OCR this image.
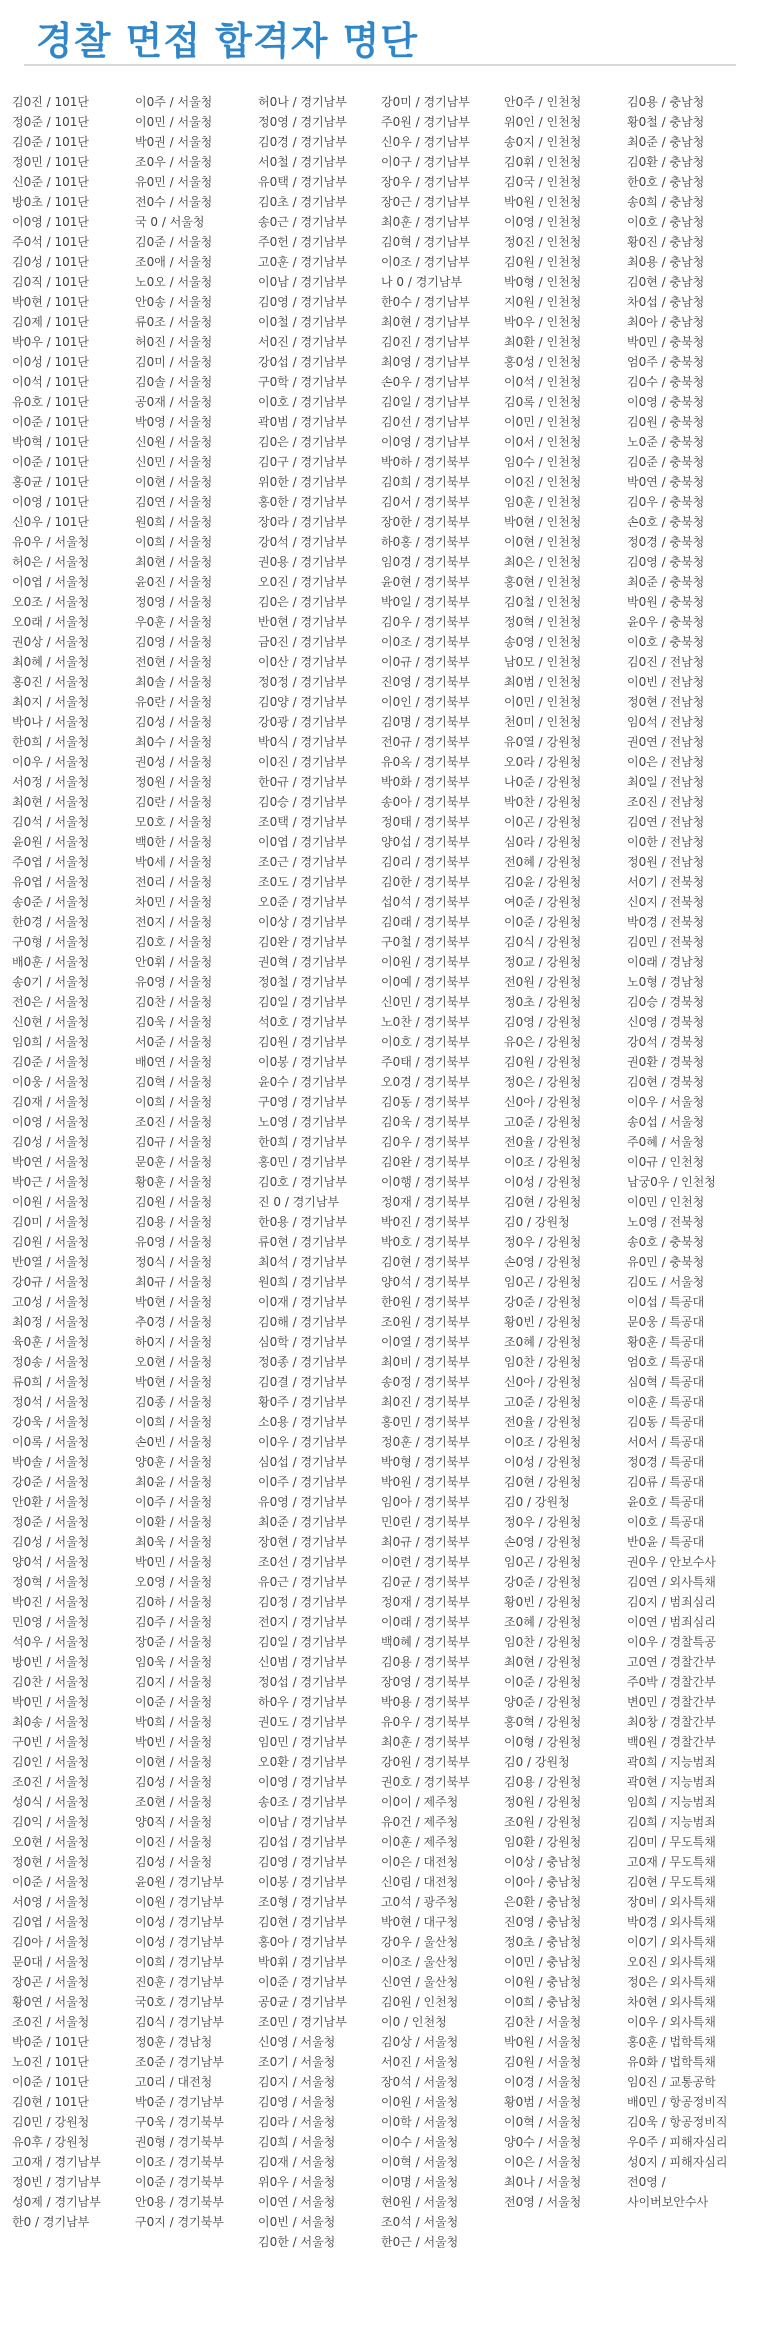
경찰 면접 합격자 명단
김0진 / 101단
정0준 / 101단
김0준 / 101단
정0민 / 101단
신0준 / 101단
방0초 / 101단
이0영 / 101단
주0석 / 101단
김0성 / 101단
김0직 / 101단
박0현 / 101단
김0제 / 101단
박0우 / 101단
이0성 / 101단
이0석 / 101단
유0호 / 101단
이0준 / 101단
박0혁 / 101단
이0준 / 101단
홍0균 / 101단
이0영 / 101단
신0우 / 101단
유0우 / 서울청
허0은 / 서울청
이0엽 / 서울청
오0조 / 서울청
오0래 / 서울청
권0상 / 서울청
최0혜 / 서울청
홍0진 / 서울청
최0지 / 서울청
박0나 / 서울청
한0희 / 서울청
이0우 / 서울청
서0정 / 서울청
최0현 / 서울청
김0석 / 서울청
윤0원 / 서울청
주0엽 / 서울청
유0엽 / 서울청
송0준 / 서울청
한0경 / 서울청
구0형 / 서울청
배0훈 / 서울청
송0기 / 서울청
전0은 / 서울청
신0현 / 서울청
임0희 / 서울청
김0준 / 서울청
이0웅 / 서울청
김0재 / 서울청
이0영 / 서울청
김0성 / 서울청
박0연 / 서울청
박0근 / 서울청
이0원 / 서울청
김0미 / 서울청
김0원 / 서울청
반0열 / 서울청
강0규 / 서울청
고0성 / 서울청
최0정 / 서울청
육0훈 / 서울청
정0송 / 서울청
류0희 / 서울청
정0석 / 서울청
강0욱 / 서울청
이0록 / 서울청
박0솔 / 서울청
강0준 / 서울청
안0환 / 서울청
정0준 / 서울청
김0성 / 서울청
양0석 / 서울청
정0혁 / 서울청
박0진 / 서울청
민0영 / 서울청
석0우 / 서울청
방0빈 / 서울청
김0찬 / 서울청
박0민 / 서울청
최0송 / 서울청
구0빈 / 서울청
김0인 / 서울청
조0진 / 서울청
성0식 / 서울청
김0익 / 서울청
오0현 / 서울청
정0현 / 서울청
이0준 / 서울청
서0영 / 서울청
김0엽 / 서울청
김0아 / 서울청
문0대 / 서울청
장0곤 / 서울청
황0연 / 서울청
조0진 / 서울청
박0준 / 101단
노0진 / 101단
이0준 / 101단
김0현 / 101단
김0민 / 강원청
유0후 / 강원청
고0재 / 경기남부
정0빈 / 경기남부
성0제 / 경기남부
한0 / 경기남부
이0주 / 서울청
이0민 / 서울청
박0권 / 서울청
조0우 / 서울청
유0민 / 서울청
전0수 / 서울청
국 0 / 서울청
김0준 / 서울청
조0애 / 서울청
노0오 / 서울청
안0송 / 서울청
류0조 / 서울청
허0진 / 서울청
김0미 / 서울청
김0솔 / 서울청
공0재 / 서울청
박0영 / 서울청
신0원 / 서울청
신0민 / 서울청
이0현 / 서울청
김0연 / 서울청
원0희 / 서울청
이0희 / 서울청
최0현 / 서울청
윤0진 / 서울청
정0영 / 서울청
우0훈 / 서울청
김0영 / 서울청
전0현 / 서울청
최0솔 / 서울청
유0란 / 서울청
김0성 / 서울청
최0수 / 서울청
권0성 / 서울청
정0원 / 서울청
김0란 / 서울청
모0호 / 서울청
백0한 / 서울청
박0세 / 서울청
전0리 / 서울청
차0민 / 서울청
전0지 / 서울청
김0호 / 서울청
안0휘 / 서울청
유0영 / 서울청
김0찬 / 서울청
김0욱 / 서울청
서0준 / 서울청
배0연 / 서울청
김0혁 / 서울청
이0희 / 서울청
조0진 / 서울청
김0규 / 서울청
문0훈 / 서울청
황0훈 / 서울청
김0원 / 서울청
김0용 / 서울청
유0영 / 서울청
정0식 / 서울청
최0규 / 서울청
박0현 / 서울청
추0경 / 서울청
하0지 / 서울청
오0현 / 서울청
박0현 / 서울청
김0종 / 서울청
이0희 / 서울청
손0빈 / 서울청
양0훈 / 서울청
최0윤 / 서울청
이0주 / 서울청
이0환 / 서울청
최0욱 / 서울청
박0민 / 서울청
오0영 / 서울청
김0하 / 서울청
김0주 / 서울청
장0준 / 서울청
임0욱 / 서울청
김0지 / 서울청
이0준 / 서울청
박0희 / 서울청
박0빈 / 서울청
이0현 / 서울청
김0성 / 서울청
조0현 / 서울청
양0직 / 서울청
이0진 / 서울청
김0성 / 서울청
윤0원 / 경기남부
이0원 / 경기남부
이0성 / 경기남부
이0성 / 경기남부
이0희 / 경기남부
진0훈 / 경기남부
국0호 / 경기남부
김0식 / 경기남부
정0훈 / 경남청
조0준 / 경기남부
고0리 / 대전청
박0준 / 경기남부
구0욱 / 경기북부
권0형 / 경기북부
이0조 / 경기북부
이0준 / 경기북부
안0용 / 경기북부
구0지 / 경기북부
허0나 / 경기남부
정0영 / 경기남부
김0경 / 경기남부
서0철 / 경기남부
유0택 / 경기남부
김0초 / 경기남부
송0근 / 경기남부
주0헌 / 경기남부
고0훈 / 경기남부
이0남 / 경기남부
김0영 / 경기남부
이0철 / 경기남부
서0진 / 경기남부
강0섭 / 경기남부
구0학 / 경기남부
이0호 / 경기남부
곽0범 / 경기남부
김0은 / 경기남부
김0구 / 경기남부
위0한 / 경기남부
홍0한 / 경기남부
장0라 / 경기남부
강0석 / 경기남부
권0용 / 경기남부
오0진 / 경기남부
김0은 / 경기남부
반0현 / 경기남부
금0진 / 경기남부
이0산 / 경기남부
정0정 / 경기남부
김0양 / 경기남부
강0광 / 경기남부
박0식 / 경기남부
이0진 / 경기남부
한0규 / 경기남부
김0승 / 경기남부
조0택 / 경기남부
이0엽 / 경기남부
조0근 / 경기남부
조0도 / 경기남부
오0준 / 경기남부
이0상 / 경기남부
김0완 / 경기남부
권0혁 / 경기남부
정0철 / 경기남부
김0일 / 경기남부
석0호 / 경기남부
김0원 / 경기남부
이0봉 / 경기남부
윤0수 / 경기남부
구0영 / 경기남부
노0영 / 경기남부
한0희 / 경기남부
홍0민 / 경기남부
김0호 / 경기남부
진 0 / 경기남부
한0용 / 경기남부
류0현 / 경기남부
최0석 / 경기남부
원0희 / 경기남부
이0재 / 경기남부
김0해 / 경기남부
심0학 / 경기남부
정0종 / 경기남부
김0결 / 경기남부
황0주 / 경기남부
소0용 / 경기남부
이0우 / 경기남부
심0섭 / 경기남부
이0주 / 경기남부
유0영 / 경기남부
최0준 / 경기남부
장0현 / 경기남부
조0선 / 경기남부
유0근 / 경기남부
김0정 / 경기남부
전0지 / 경기남부
김0일 / 경기남부
신0범 / 경기남부
정0섭 / 경기남부
하0우 / 경기남부
권0도 / 경기남부
임0민 / 경기남부
오0환 / 경기남부
이0영 / 경기남부
송0조 / 경기남부
이0남 / 경기남부
김0섭 / 경기남부
김0영 / 경기남부
이0봉 / 경기남부
조0형 / 경기남부
김0현 / 경기남부
홍0아 / 경기남부
박0휘 / 경기남부
이0준 / 경기남부
공0균 / 경기남부
조0민 / 경기남부
신0영 / 서울청
조0기 / 서울청
김0지 / 서울청
김0영 / 서울청
김0라 / 서울청
김0희 / 서울청
김0재 / 서울청
위0우 / 서울청
이0연 / 서울청
이0빈 / 서울청
김0한 / 서울청
강0미 / 경기남부
주0원 / 경기남부
신0우 / 경기남부
이0구 / 경기남부
장0우 / 경기남부
장0근 / 경기남부
최0훈 / 경기남부
김0혁 / 경기남부
이0조 / 경기남부
나 0 / 경기남부
한0수 / 경기남부
최0현 / 경기남부
김0진 / 경기남부
최0영 / 경기남부
손0우 / 경기남부
김0일 / 경기남부
김0선 / 경기남부
이0영 / 경기남부
박0하 / 경기북부
김0희 / 경기북부
김0서 / 경기북부
장0한 / 경기북부
하0홍 / 경기북부
임0경 / 경기북부
윤0현 / 경기북부
박0일 / 경기북부
김0우 / 경기북부
이0조 / 경기북부
이0규 / 경기북부
진0영 / 경기북부
이0인 / 경기북부
김0명 / 경기북부
전0규 / 경기북부
유0옥 / 경기북부
박0화 / 경기북부
송0아 / 경기북부
정0태 / 경기북부
양0섭 / 경기북부
김0리 / 경기북부
김0한 / 경기북부
섭0석 / 경기북부
김0래 / 경기북부
구0철 / 경기북부
이0원 / 경기북부
이0예 / 경기북부
신0민 / 경기북부
노0찬 / 경기북부
이0호 / 경기북부
주0태 / 경기북부
오0경 / 경기북부
김0동 / 경기북부
김0욱 / 경기북부
김0우 / 경기북부
김0완 / 경기북부
이0행 / 경기북부
정0재 / 경기북부
박0진 / 경기북부
박0호 / 경기북부
김0현 / 경기북부
양0석 / 경기북부
한0원 / 경기북부
조0원 / 경기북부
이0열 / 경기북부
최0비 / 경기북부
송0정 / 경기북부
최0진 / 경기북부
홍0민 / 경기북부
정0훈 / 경기북부
박0형 / 경기북부
박0원 / 경기북부
임0아 / 경기북부
민0린 / 경기북부
최0규 / 경기북부
이0련 / 경기북부
김0균 / 경기북부
정0재 / 경기북부
이0래 / 경기북부
백0혜 / 경기북부
김0용 / 경기북부
장0영 / 경기북부
박0용 / 경기북부
유0우 / 경기북부
최0훈 / 경기북부
강0원 / 경기북부
권0호 / 경기북부
이0이 / 제주청
유0건 / 제주청
이0훈 / 제주청
이0은 / 대전청
신0림 / 대전청
고0석 / 광주청
박0현 / 대구청
강0우 / 울산청
이0조 / 울산청
신0연 / 울산청
김0원 / 인천청
이0 / 인천청
김0상 / 서울청
서0진 / 서울청
장0석 / 서울청
이0원 / 서울청
이0학 / 서울청
이0수 / 서울청
이0혁 / 서울청
이0명 / 서울청
현0원 / 서울청
조0석 / 서울청
한0근 / 서울청
안0주 / 인천청
위0인 / 인천청
송0지 / 인천청
김0휘 / 인천청
김0국 / 인천청
박0원 / 인천청
이0영 / 인천청
정0진 / 인천청
김0원 / 인천청
박0형 / 인천청
지0원 / 인천청
박0우 / 인천청
최0환 / 인천청
홍0성 / 인천청
이0석 / 인천청
김0록 / 인천청
이0민 / 인천청
이0서 / 인천청
임0수 / 인천청
이0진 / 인천청
임0훈 / 인천청
박0현 / 인천청
이0현 / 인천청
최0은 / 인천청
홍0현 / 인천청
김0철 / 인천청
정0혁 / 인천청
송0영 / 인천청
남0모 / 인천청
최0범 / 인천청
이0민 / 인천청
천0미 / 인천청
유0열 / 강원청
오0라 / 강원청
나0준 / 강원청
박0찬 / 강원청
이0곤 / 강원청
심0라 / 강원청
전0혜 / 강원청
김0윤 / 강원청
여0준 / 강원청
이0준 / 강원청
김0식 / 강원청
정0교 / 강원청
전0원 / 강원청
정0초 / 강원청
김0영 / 강원청
유0은 / 강원청
김0원 / 강원청
정0은 / 강원청
신0아 / 강원청
고0준 / 강원청
전0율 / 강원청
이0조 / 강원청
이0성 / 강원청
김0현 / 강원청
김0 / 강원청
정0우 / 강원청
손0영 / 강원청
임0곤 / 강원청
강0준 / 강원청
황0빈 / 강원청
조0혜 / 강원청
임0찬 / 강원청
신0아 / 강원청
고0준 / 강원청
전0율 / 강원청
이0조 / 강원청
이0성 / 강원청
김0현 / 강원청
김0 / 강원청
정0우 / 강원청
손0영 / 강원청
임0곤 / 강원청
강0준 / 강원청
황0빈 / 강원청
조0혜 / 강원청
임0찬 / 강원청
최0현 / 강원청
이0준 / 강원청
양0준 / 강원청
홍0혁 / 강원청
이0형 / 강원청
김0 / 강원청
김0용 / 강원청
정0원 / 강원청
조0원 / 강원청
임0환 / 강원청
이0상 / 충남청
이0아 / 충남청
은0환 / 충남청
진0영 / 충남청
정0초 / 충남청
이0민 / 충남청
이0원 / 충남청
이0희 / 충남청
김0찬 / 서울청
박0원 / 서울청
김0원 / 서울청
이0경 / 서울청
황0범 / 서울청
이0혁 / 서울청
양0수 / 서울청
이0은 / 서울청
최0나 / 서울청
전0영 / 서울청
김0용 / 충남청
황0철 / 충남청
최0준 / 충남청
김0환 / 충남청
한0호 / 충남청
송0희 / 충남청
이0호 / 충남청
황0진 / 충남청
최0용 / 충남청
김0현 / 충남청
차0섭 / 충남청
최0아 / 충남청
박0민 / 충북청
엄0주 / 충북청
김0수 / 충북청
이0영 / 충북청
김0원 / 충북청
노0준 / 충북청
김0준 / 충북청
박0연 / 충북청
김0우 / 충북청
손0호 / 충북청
정0경 / 충북청
김0영 / 충북청
최0준 / 충북청
박0원 / 충북청
윤0우 / 충북청
이0호 / 충북청
김0진 / 전남청
이0빈 / 전남청
정0현 / 전남청
임0석 / 전남청
권0연 / 전남청
이0은 / 전남청
최0일 / 전남청
조0진 / 전남청
김0연 / 전남청
이0한 / 전남청
정0원 / 전남청
서0기 / 전북청
신0지 / 전북청
박0경 / 전북청
김0민 / 전북청
이0래 / 경남청
노0형 / 경남청
김0승 / 경북청
신0영 / 경북청
강0석 / 경북청
권0환 / 경북청
김0현 / 경북청
이0우 / 서울청
송0섭 / 서울청
주0혜 / 서울청
이0규 / 인천청
남궁0우 / 인천청
이0민 / 인천청
노0영 / 전북청
송0호 / 충북청
유0민 / 충북청
김0도 / 서울청
이0섭 / 특공대
문0웅 / 특공대
황0훈 / 특공대
엄0호 / 특공대
심0혁 / 특공대
이0훈 / 특공대
김0동 / 특공대
서0서 / 특공대
정0경 / 특공대
김0류 / 특공대
윤0호 / 특공대
이0호 / 특공대
반0윤 / 특공대
권0우 / 안보수사
김0연 / 외사특채
김0지 / 범죄심리
이0연 / 범죄심리
이0우 / 경찰특공
고0연 / 경찰간부
주0박 / 경찰간부
변0민 / 경찰간부
최0창 / 경찰간부
백0원 / 경찰간부
곽0희 / 지능범죄
곽0현 / 지능범죄
임0희 / 지능범죄
김0희 / 지능범죄
김0미 / 무도특채
고0재 / 무도특채
김0현 / 무도특채
장0비 / 외사특채
박0경 / 외사특채
이0기 / 외사특채
오0진 / 외사특채
정0은 / 외사특채
차0현 / 외사특채
이0우 / 외사특채
홍0훈 / 법학특채
유0화 / 법학특채
임0진 / 교통공학
배0민 / 항공정비직
김0욱 / 항공정비직
우0주 / 피해자심리
성0지 / 피해자심리
전0영 /
사이버보안수사
